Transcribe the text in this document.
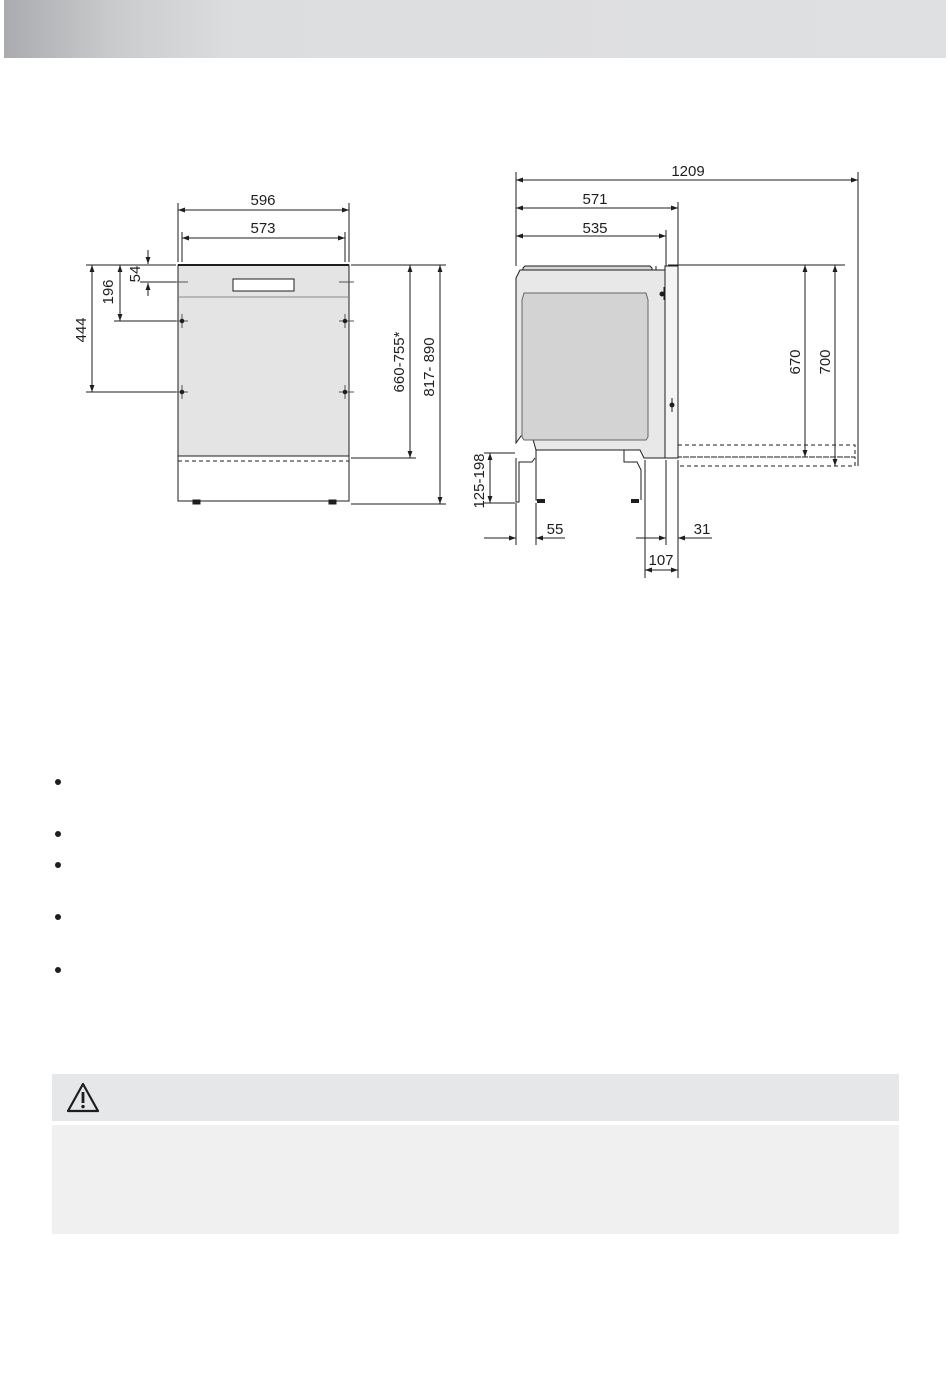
596
573
54
196
444
660-755* 817- 890
1209
571
535
670 700
125-198
55	31
107
